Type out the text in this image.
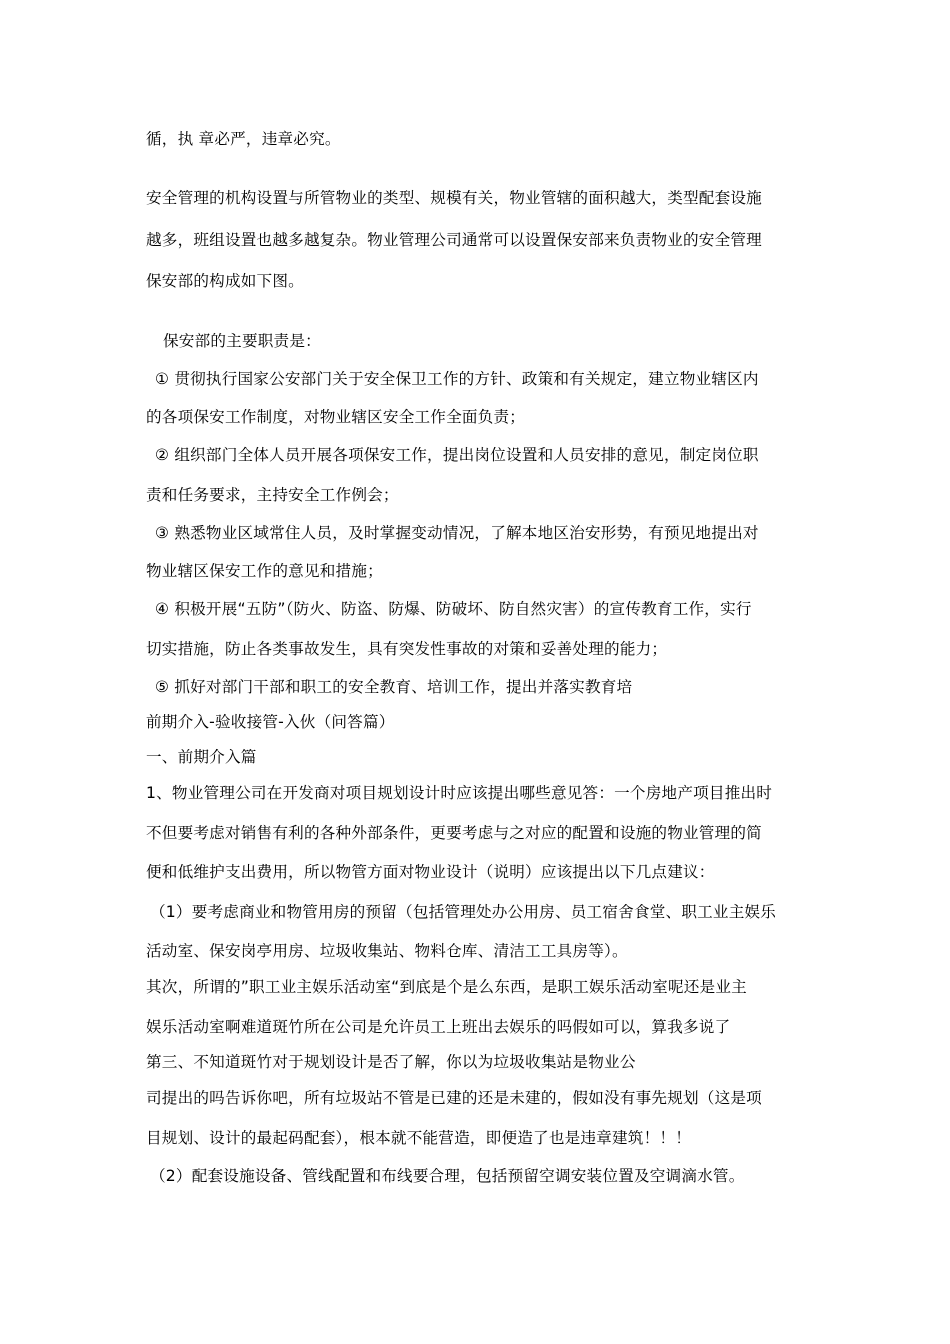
循，执 章必严，违章必究。
安全管理的机构设置与所管物业的类型、规模有关，物业管辖的面积越大，类型配套设施
越多，班组设置也越多越复杂。物业管理公司通常可以设置保安部来负责物业的安全管理
保安部的构成如下图。
保安部的主要职责是：
① 贯彻执行国家公安部门关于安全保卫工作的方针、政策和有关规定，建立物业辖区内
的各项保安工作制度，对物业辖区安全工作全面负责；
② 组织部门全体人员开展各项保安工作，提出岗位设置和人员安排的意见，制定岗位职
责和任务要求，主持安全工作例会；
③ 熟悉物业区域常住人员，及时掌握变动情况，了解本地区治安形势，有预见地提出对
物业辖区保安工作的意见和措施；
④ 积极开展“五防”（防火、防盗、防爆、防破坏、防自然灾害）的宣传教育工作，实行
切实措施，防止各类事故发生，具有突发性事故的对策和妥善处理的能力；
⑤ 抓好对部门干部和职工的安全教育、培训工作，提出并落实教育培
前期介入-验收接管-入伙（问答篇）
一、前期介入篇
1、物业管理公司在开发商对项目规划设计时应该提出哪些意见答：一个房地产项目推出时
不但要考虑对销售有利的各种外部条件，更要考虑与之对应的配置和设施的物业管理的简
便和低维护支出费用，所以物管方面对物业设计（说明）应该提出以下几点建议：
（1）要考虑商业和物管用房的预留（包括管理处办公用房、员工宿舍食堂、职工业主娱乐
活动室、保安岗亭用房、垃圾收集站、物料仓库、清洁工工具房等）。
其次，所谓的”职工业主娱乐活动室“到底是个是么东西，是职工娱乐活动室呢还是业主
娱乐活动室啊难道斑竹所在公司是允许员工上班出去娱乐的吗假如可以，算我多说了
第三、不知道斑竹对于规划设计是否了解，你以为垃圾收集站是物业公
司提出的吗告诉你吧，所有垃圾站不管是已建的还是未建的，假如没有事先规划（这是项
目规划、设计的最起码配套），根本就不能营造，即便造了也是违章建筑！！！
（2）配套设施设备、管线配置和布线要合理，包括预留空调安装位置及空调滴水管。
